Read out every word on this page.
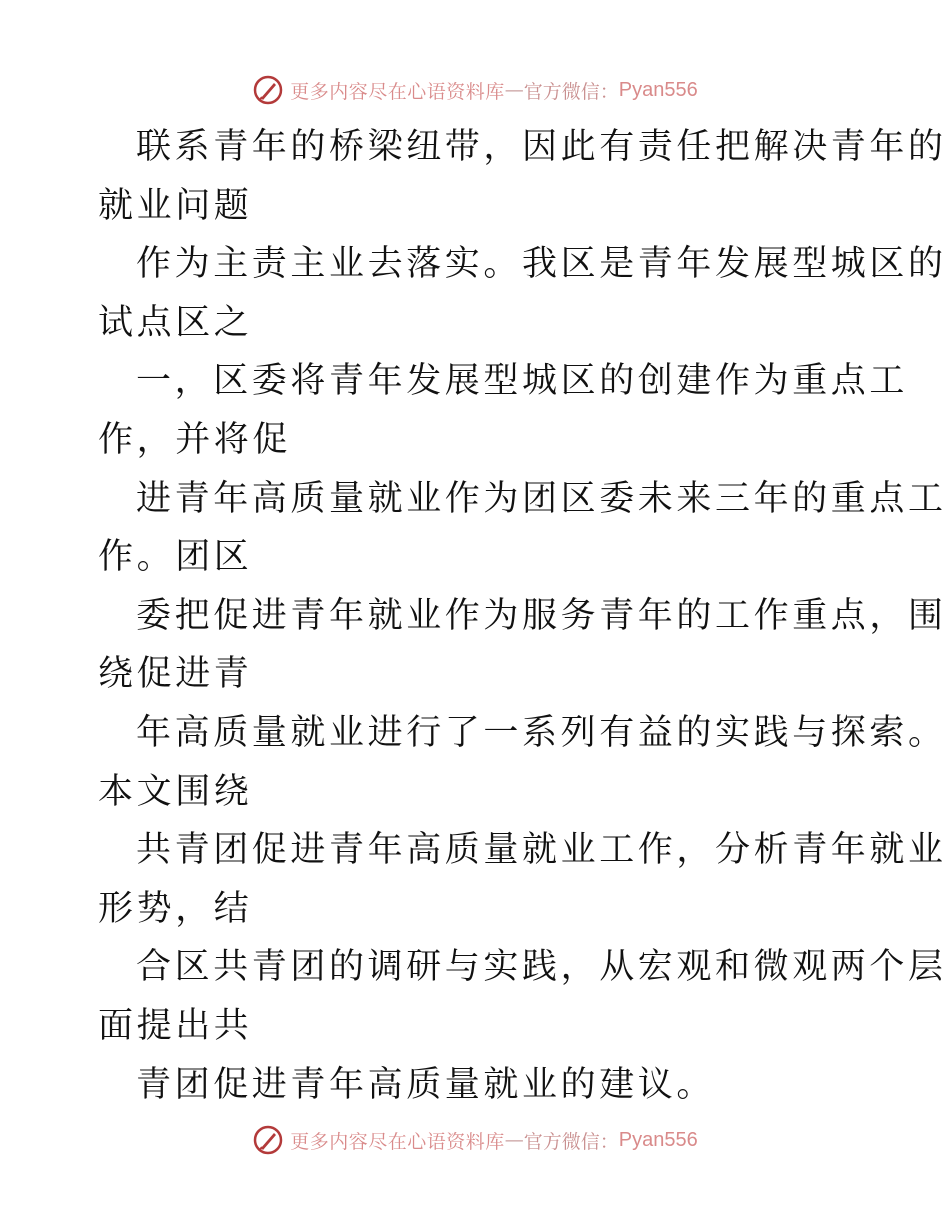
更多内容尽在心语资料库 — 官方微信： Pyan556
联系青年的桥梁纽带，因此有责任把解决青年的
就业问题
作为主责主业去落实。我区是青年发展型城区的
试点区之
一，区委将青年发展型城区的创建作为重点工
作，并将促
进青年高质量就业作为团区委未来三年的重点工
作。团区
委把促进青年就业作为服务青年的工作重点，围
绕促进青
年高质量就业进行了一系列有益的实践与探索。
本文围绕
共青团促进青年高质量就业工作，分析青年就业
形势，结
合区共青团的调研与实践，从宏观和微观两个层
面提出共
青团促进青年高质量就业的建议。
更多内容尽在心语资料库 — 官方微信： Pyan556
